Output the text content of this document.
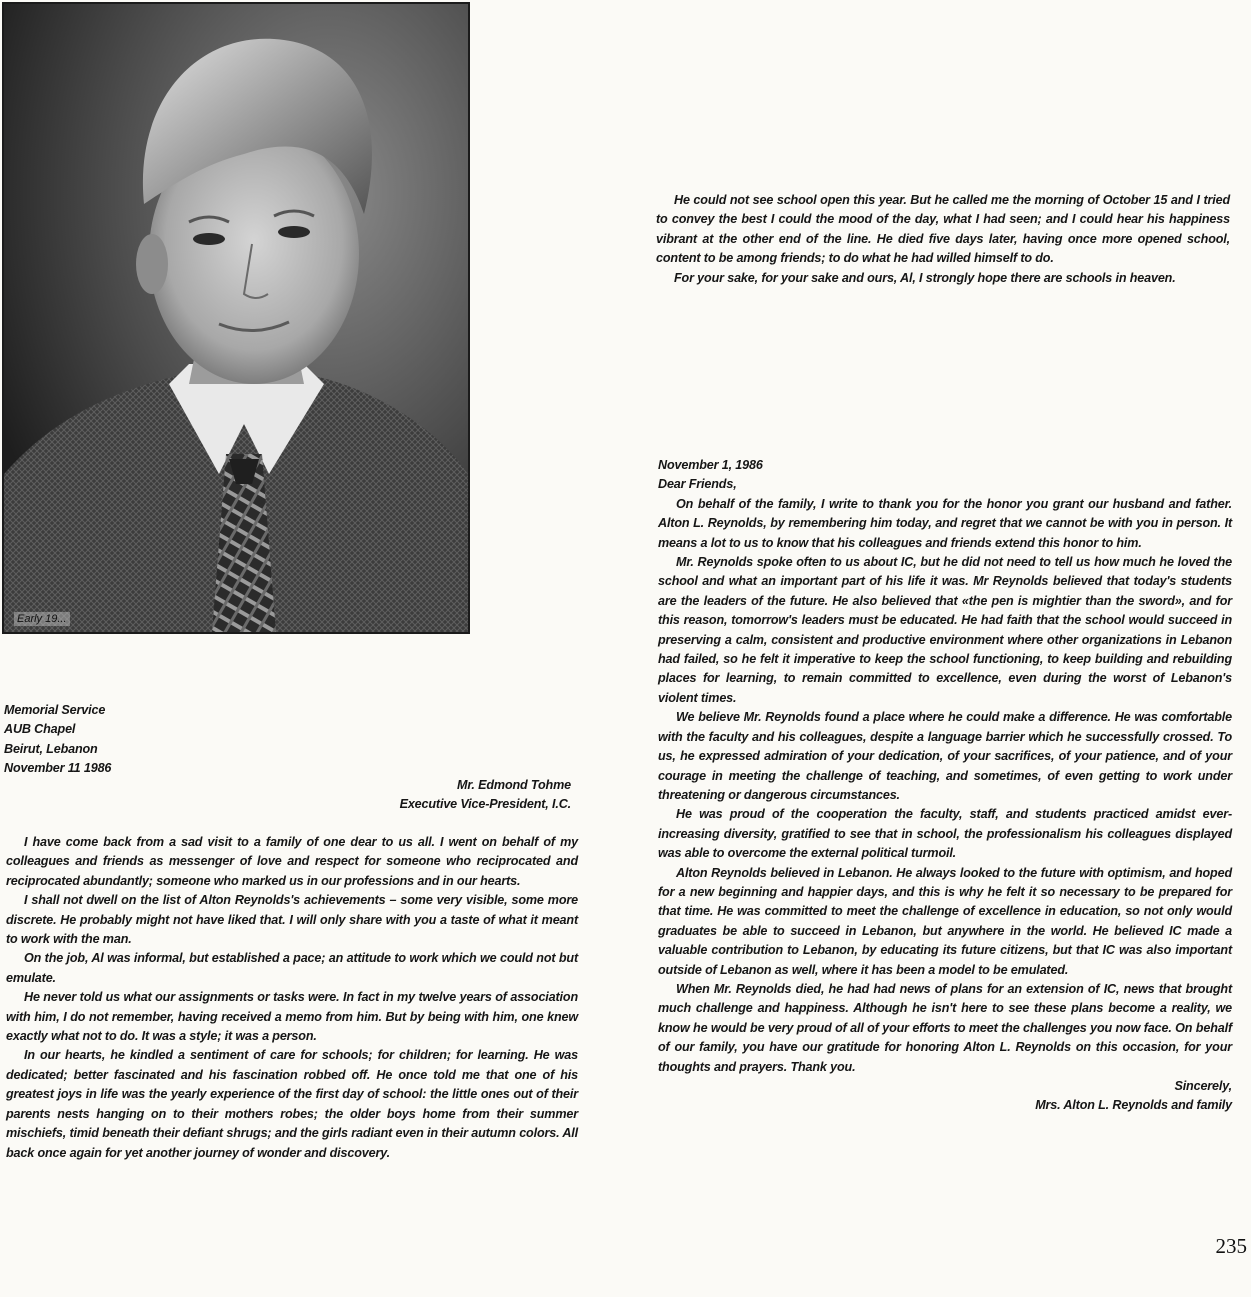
Early 19...
Memorial Service
AUB Chapel
Beirut, Lebanon
November 11 1986
Mr. Edmond Tohme
Executive Vice-President, I.C.

I have come back from a sad visit to a family of one dear to us all. I went on behalf of my colleagues and friends as messenger of love and respect for someone who reciprocated and reciprocated abundantly; someone who marked us in our professions and in our hearts.

I shall not dwell on the list of Alton Reynolds's achievements – some very visible, some more discrete. He probably might not have liked that. I will only share with you a taste of what it meant to work with the man.

On the job, Al was informal, but established a pace; an attitude to work which we could not but emulate.

He never told us what our assignments or tasks were. In fact in my twelve years of association with him, I do not remember, having received a memo from him. But by being with him, one knew exactly what not to do. It was a style; it was a person.

In our hearts, he kindled a sentiment of care for schools; for children; for learning. He was dedicated; better fascinated and his fascination robbed off. He once told me that one of his greatest joys in life was the yearly experience of the first day of school: the little ones out of their parents nests hanging on to their mothers robes; the older boys home from their summer mischiefs, timid beneath their defiant shrugs; and the girls radiant even in their autumn colors. All back once again for yet another journey of wonder and discovery.

He could not see school open this year. But he called me the morning of October 15 and I tried to convey the best I could the mood of the day, what I had seen; and I could hear his happiness vibrant at the other end of the line. He died five days later, having once more opened school, content to be among friends; to do what he had willed himself to do.

For your sake, for your sake and ours, Al, I strongly hope there are schools in heaven.

November 1, 1986

Dear Friends,

On behalf of the family, I write to thank you for the honor you grant our husband and father. Alton L. Reynolds, by remembering him today, and regret that we cannot be with you in person. It means a lot to us to know that his colleagues and friends extend this honor to him.

Mr. Reynolds spoke often to us about IC, but he did not need to tell us how much he loved the school and what an important part of his life it was. Mr Reynolds believed that today's students are the leaders of the future. He also believed that «the pen is mightier than the sword», and for this reason, tomorrow's leaders must be educated. He had faith that the school would succeed in preserving a calm, consistent and productive environment where other organizations in Lebanon had failed, so he felt it imperative to keep the school functioning, to keep building and rebuilding places for learning, to remain committed to excellence, even during the worst of Lebanon's violent times.

We believe Mr. Reynolds found a place where he could make a difference. He was comfortable with the faculty and his colleagues, despite a language barrier which he successfully crossed. To us, he expressed admiration of your dedication, of your sacrifices, of your patience, and of your courage in meeting the challenge of teaching, and sometimes, of even getting to work under threatening or dangerous circumstances.

He was proud of the cooperation the faculty, staff, and students practiced amidst ever-increasing diversity, gratified to see that in school, the professionalism his colleagues displayed was able to overcome the external political turmoil.

Alton Reynolds believed in Lebanon. He always looked to the future with optimism, and hoped for a new beginning and happier days, and this is why he felt it so necessary to be prepared for that time. He was committed to meet the challenge of excellence in education, so not only would graduates be able to succeed in Lebanon, but anywhere in the world. He believed IC made a valuable contribution to Lebanon, by educating its future citizens, but that IC was also important outside of Lebanon as well, where it has been a model to be emulated.

When Mr. Reynolds died, he had had news of plans for an extension of IC, news that brought much challenge and happiness. Although he isn't here to see these plans become a reality, we know he would be very proud of all of your efforts to meet the challenges you now face. On behalf of our family, you have our gratitude for honoring Alton L. Reynolds on this occasion, for your thoughts and prayers. Thank you.

Sincerely,
Mrs. Alton L. Reynolds and family
235
